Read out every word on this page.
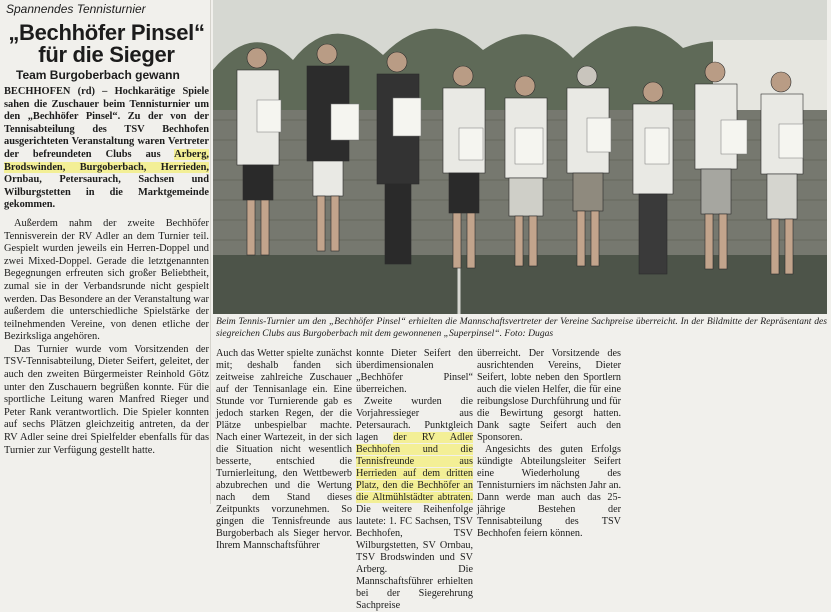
Spannendes Tennisturnier
„Bechhöfer Pinsel“
für die Sieger
Team Burgoberbach gewann

BECHHOFEN (rd) – Hochkarätige Spiele sahen die Zuschauer beim Tennisturnier um den „Bechhöfer Pinsel“. Zu der von der Tennisabteilung des TSV Bechhofen ausgerichteten Veranstaltung waren Vertreter der befreundeten Clubs aus Arberg, Brodswinden, Burgoberbach, Herrieden, Ornbau, Petersaurach, Sachsen und Wilburgstetten in die Marktgemeinde gekommen.

Außerdem nahm der zweite Bechhöfer Tennisverein der RV Adler an dem Turnier teil. Gespielt wurden jeweils ein Herren-Doppel und zwei Mixed-Doppel. Gerade die letztgenannten Begegnungen erfreuten sich großer Beliebtheit, zumal sie in der Verbandsrunde nicht gespielt werden. Das Besondere an der Veranstaltung war außerdem die unterschiedliche Spielstärke der teilnehmenden Vereine, von denen etliche der Bezirksliga angehören.

Das Turnier wurde vom Vorsitzenden der TSV-Tennisabteilung, Dieter Seifert, geleitet, der auch den zweiten Bürgermeister Reinhold Götz unter den Zuschauern begrüßen konnte. Für die sportliche Leitung waren Manfred Rieger und Peter Rank verantwortlich. Die Spieler konnten auf sechs Plätzen gleichzeitig antreten, da der RV Adler seine drei Spielfelder ebenfalls für das Turnier zur Verfügung gestellt hatte.

Beim Tennis-Turnier um den „Bechhöfer Pinsel“ erhielten die Mannschaftsvertreter der Vereine Sachpreise überreicht. In der Bildmitte der Repräsentant des siegreichen Clubs aus Burgoberbach mit dem gewonnenen „Superpinsel“. Foto: Dugas

Auch das Wetter spielte zunächst mit; deshalb fanden sich zeitweise zahlreiche Zuschauer auf der Tennisanlage ein. Eine Stunde vor Turnierende gab es jedoch starken Regen, der die Plätze unbespielbar machte. Nach einer Wartezeit, in der sich die Situation nicht wesentlich besserte, entschied die Turnierleitung, den Wettbewerb abzubrechen und die Wertung nach dem Stand dieses Zeitpunkts vorzunehmen. So gingen die Tennisfreunde aus Burgoberbach als Sieger hervor. Ihrem Mannschaftsführer

konnte Dieter Seifert den überdimensionalen „Bechhöfer Pinsel“ überreichen.

Zweite wurden die Vorjahressieger aus Petersaurach. Punktgleich lagen der RV Adler Bechhofen und die Tennisfreunde aus Herrieden auf dem dritten Platz, den die Bechhöfer an die Altmühlstädter abtraten. Die weitere Reihenfolge lautete: 1. FC Sachsen, TSV Bechhofen, TSV Wilburgstetten, SV Ornbau, TSV Brodswinden und SV Arberg. Die Mannschaftsführer erhielten bei der Siegerehrung Sachpreise

überreicht. Der Vorsitzende des ausrichtenden Vereins, Dieter Seifert, lobte neben den Sportlern auch die vielen Helfer, die für eine reibungslose Durchführung und für die Bewirtung gesorgt hatten. Dank sagte Seifert auch den Sponsoren.

Angesichts des guten Erfolgs kündigte Abteilungsleiter Seifert eine Wiederholung des Tennisturniers im nächsten Jahr an. Dann werde man auch das 25-jährige Bestehen der Tennisabteilung des TSV Bechhofen feiern können.
